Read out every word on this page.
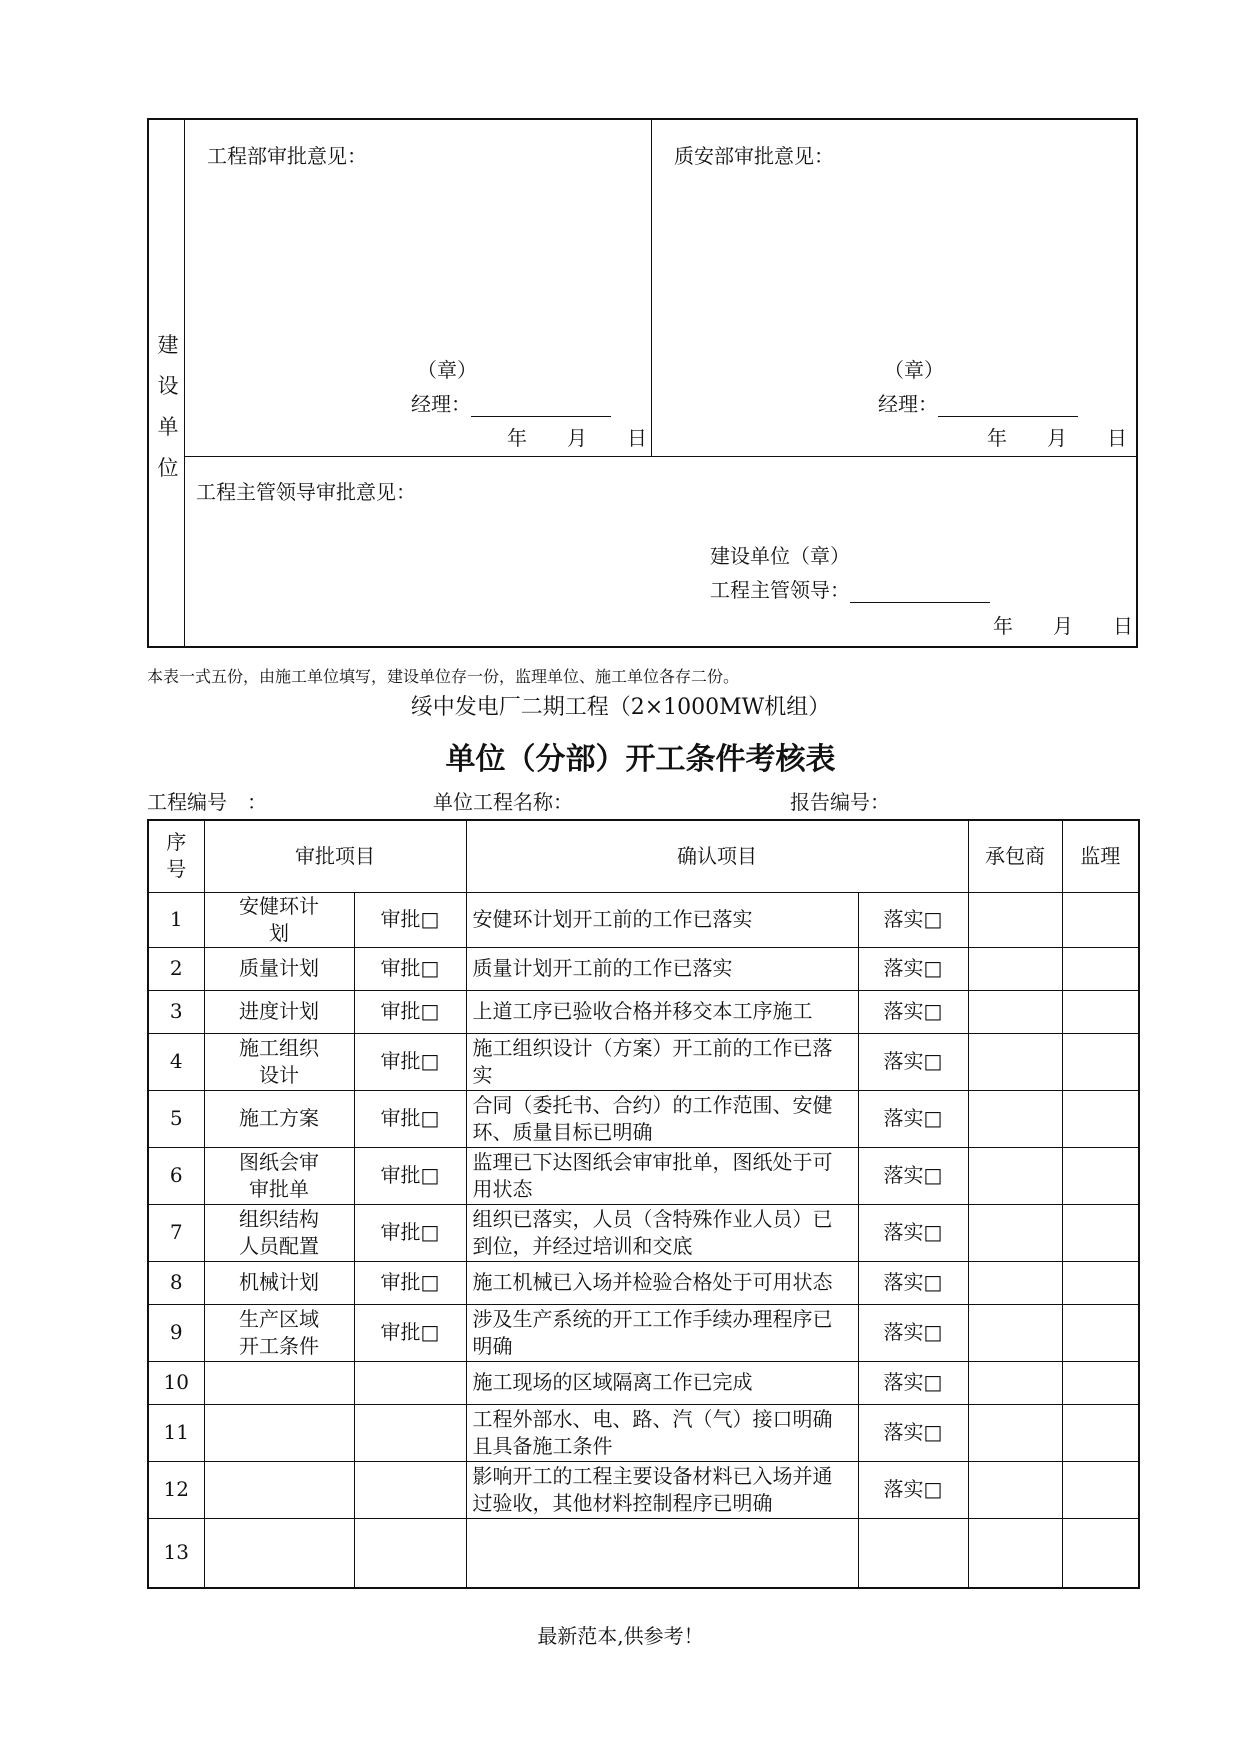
建
设
单
位
工程部审批意见：
（章）
经理：
年　　月　　日
质安部审批意见：
（章）
经理：
年　　月　　日
工程主管领导审批意见：
建设单位（章）
工程主管领导：
年　　月　　日
本表一式五份，由施工单位填写，建设单位存一份，监理单位、施工单位各存二份。
绥中发电厂二期工程（2×1000MW机组）
单位（分部）开工条件考核表
工程编号　：	单位工程名称：	报告编号：
序号	审批项目		确认项目		承包商	监理
1	安健环计划	审批□	安健环计划开工前的工作已落实	落实□		
2	质量计划	审批□	质量计划开工前的工作已落实	落实□		
3	进度计划	审批□	上道工序已验收合格并移交本工序施工	落实□		
4	施工组织设计	审批□	施工组织设计（方案）开工前的工作已落实	落实□		
5	施工方案	审批□	合同（委托书、合约）的工作范围、安健环、质量目标已明确	落实□		
6	图纸会审审批单	审批□	监理已下达图纸会审审批单，图纸处于可用状态	落实□		
7	组织结构人员配置	审批□	组织已落实，人员（含特殊作业人员）已到位，并经过培训和交底	落实□		
8	机械计划	审批□	施工机械已入场并检验合格处于可用状态	落实□		
9	生产区域开工条件	审批□	涉及生产系统的开工工作手续办理程序已明确	落实□		
10			施工现场的区域隔离工作已完成	落实□		
11			工程外部水、电、路、汽（气）接口明确且具备施工条件	落实□		
12			影响开工的工程主要设备材料已入场并通过验收，其他材料控制程序已明确	落实□		
13						
最新范本,供参考！
